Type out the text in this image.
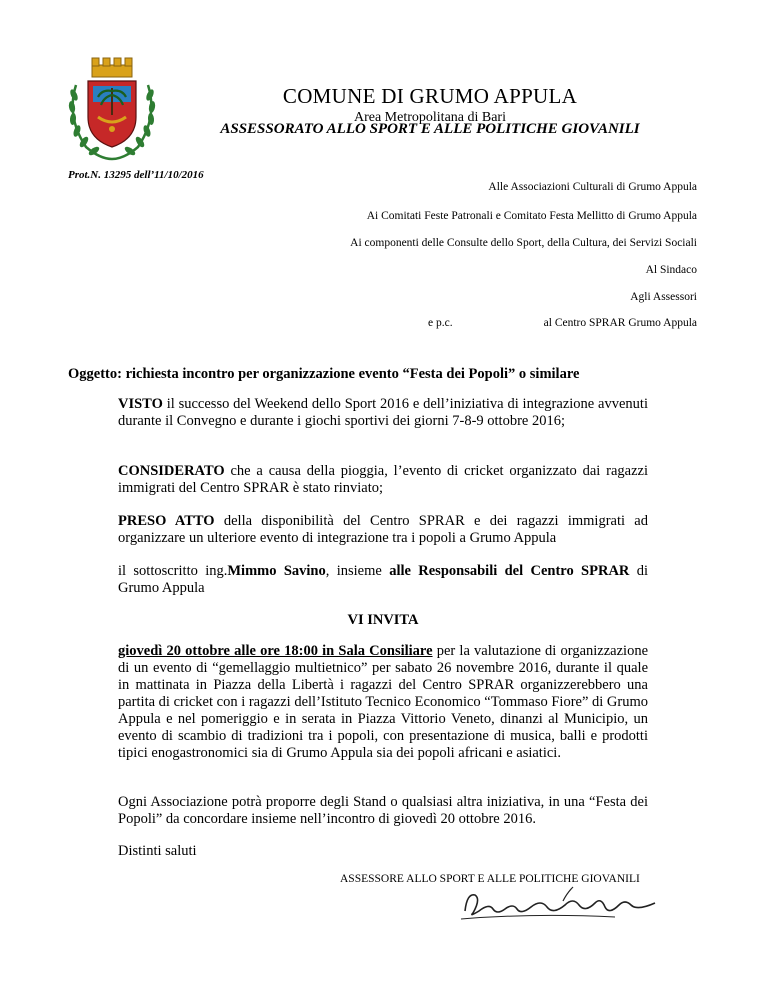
COMUNE DI GRUMO APPULA
Area Metropolitana di Bari
ASSESSORATO ALLO SPORT E ALLE POLITICHE GIOVANILI
Prot.N. 13295 dell’11/10/2016
Alle Associazioni Culturali di Grumo Appula
Ai Comitati Feste Patronali e Comitato Festa Mellitto di Grumo Appula
Ai componenti delle Consulte dello Sport, della Cultura, dei Servizi Sociali
Al Sindaco
Agli Assessori
e p.c.	al Centro SPRAR Grumo Appula
Oggetto: richiesta incontro per organizzazione evento “Festa dei Popoli” o similare
VISTO il successo del Weekend dello Sport 2016 e dell’iniziativa di integrazione avvenuti durante il Convegno e durante i giochi sportivi dei giorni 7-8-9 ottobre 2016;
CONSIDERATO che a causa della pioggia, l’evento di cricket organizzato dai ragazzi immigrati del Centro SPRAR è stato rinviato;
PRESO ATTO della disponibilità del Centro SPRAR e dei ragazzi immigrati ad organizzare un ulteriore evento di integrazione tra i popoli a Grumo Appula
il sottoscritto ing.Mimmo Savino, insieme alle Responsabili del Centro SPRAR di Grumo Appula
VI INVITA
giovedì 20 ottobre alle ore 18:00 in Sala Consiliare per la valutazione di organizzazione di un evento di “gemellaggio multietnico” per sabato 26 novembre 2016, durante il quale in mattinata in Piazza della Libertà i ragazzi del Centro SPRAR organizzerebbero una partita di cricket con i ragazzi dell’Istituto Tecnico Economico “Tommaso Fiore” di Grumo Appula e nel pomeriggio e in serata in Piazza Vittorio Veneto, dinanzi al Municipio, un evento di scambio di tradizioni tra i popoli, con presentazione di musica, balli e prodotti tipici enogastronomici sia di Grumo Appula sia dei popoli africani e asiatici.
Ogni Associazione potrà proporre degli Stand o qualsiasi altra iniziativa, in una “Festa dei Popoli” da concordare insieme nell’incontro di giovedì 20 ottobre 2016.
Distinti saluti
ASSESSORE ALLO SPORT E ALLE POLITICHE GIOVANILI
